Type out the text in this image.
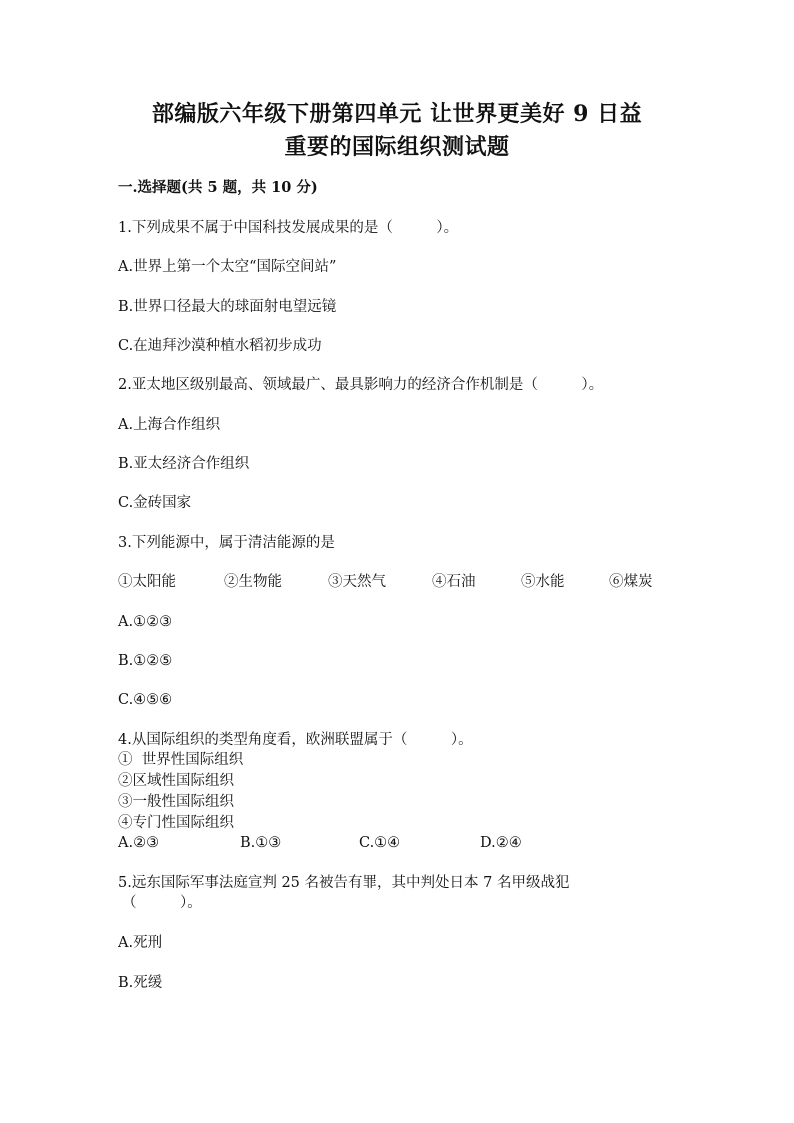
部编版六年级下册第四单元 让世界更美好 9 日益
重要的国际组织测试题

一.选择题(共 5 题，共 10 分)

1.下列成果不属于中国科技发展成果的是（　　　）。

A.世界上第一个太空“国际空间站”

B.世界口径最大的球面射电望远镜

C.在迪拜沙漠种植水稻初步成功

2.亚太地区级别最高、领域最广、最具影响力的经济合作机制是（　　　）。

A.上海合作组织

B.亚太经济合作组织

C.金砖国家

3.下列能源中，属于清洁能源的是

①太阳能	②生物能	③天然气	④石油	⑤水能	⑥煤炭

A.①②③

B.①②⑤

C.④⑤⑥

4.从国际组织的类型角度看，欧洲联盟属于（　　　）。

①  世界性国际组织

②区域性国际组织

③一般性国际组织

④专门性国际组织

A.②③	B.①③	C.①④	D.②④

5.远东国际军事法庭宣判 25 名被告有罪，其中判处日本 7 名甲级战犯

（　　　）。

A.死刑

B.死缓
